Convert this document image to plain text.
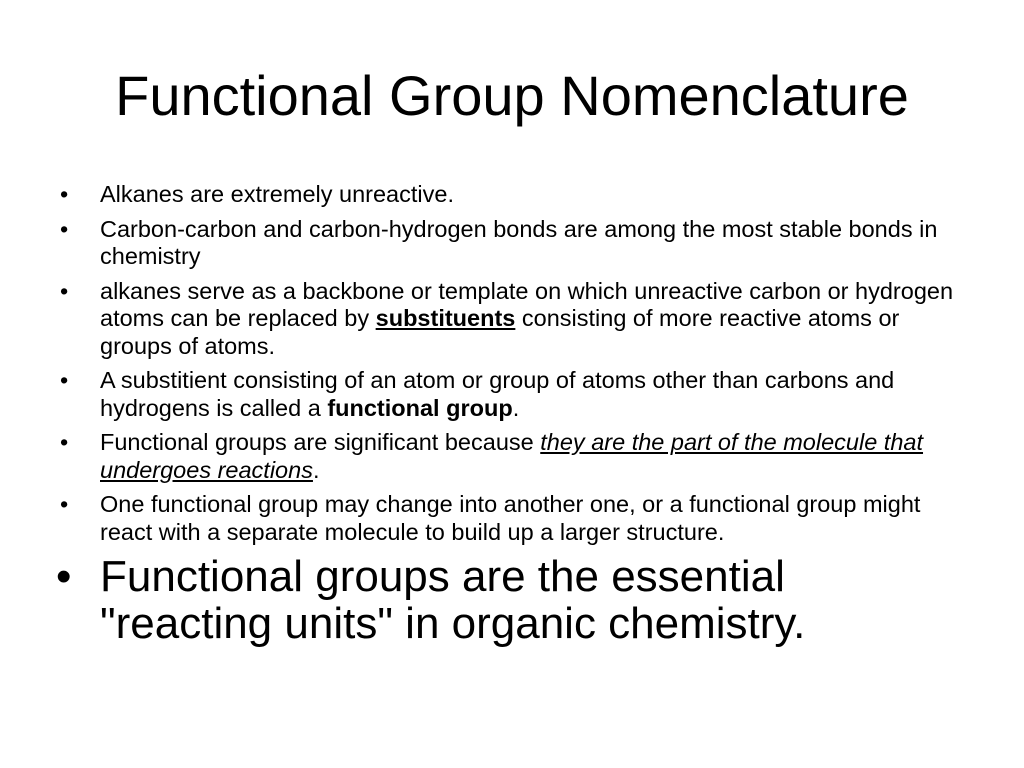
Functional Group Nomenclature
•	Alkanes are extremely unreactive.
•	Carbon-carbon and carbon-hydrogen bonds are among the most stable bonds in chemistry
•	alkanes serve as a backbone or template on which unreactive carbon or hydrogen atoms can be replaced by substituents consisting of more reactive atoms or groups of atoms.
•	A substitient consisting of an atom or group of atoms other than carbons and hydrogens is called a functional group.
•	Functional groups are significant because they are the part of the molecule that undergoes reactions.
•	One functional group may change into another one, or a functional group might react with a separate molecule to build up a larger structure.
• Functional groups are the essential "reacting units" in organic chemistry.
